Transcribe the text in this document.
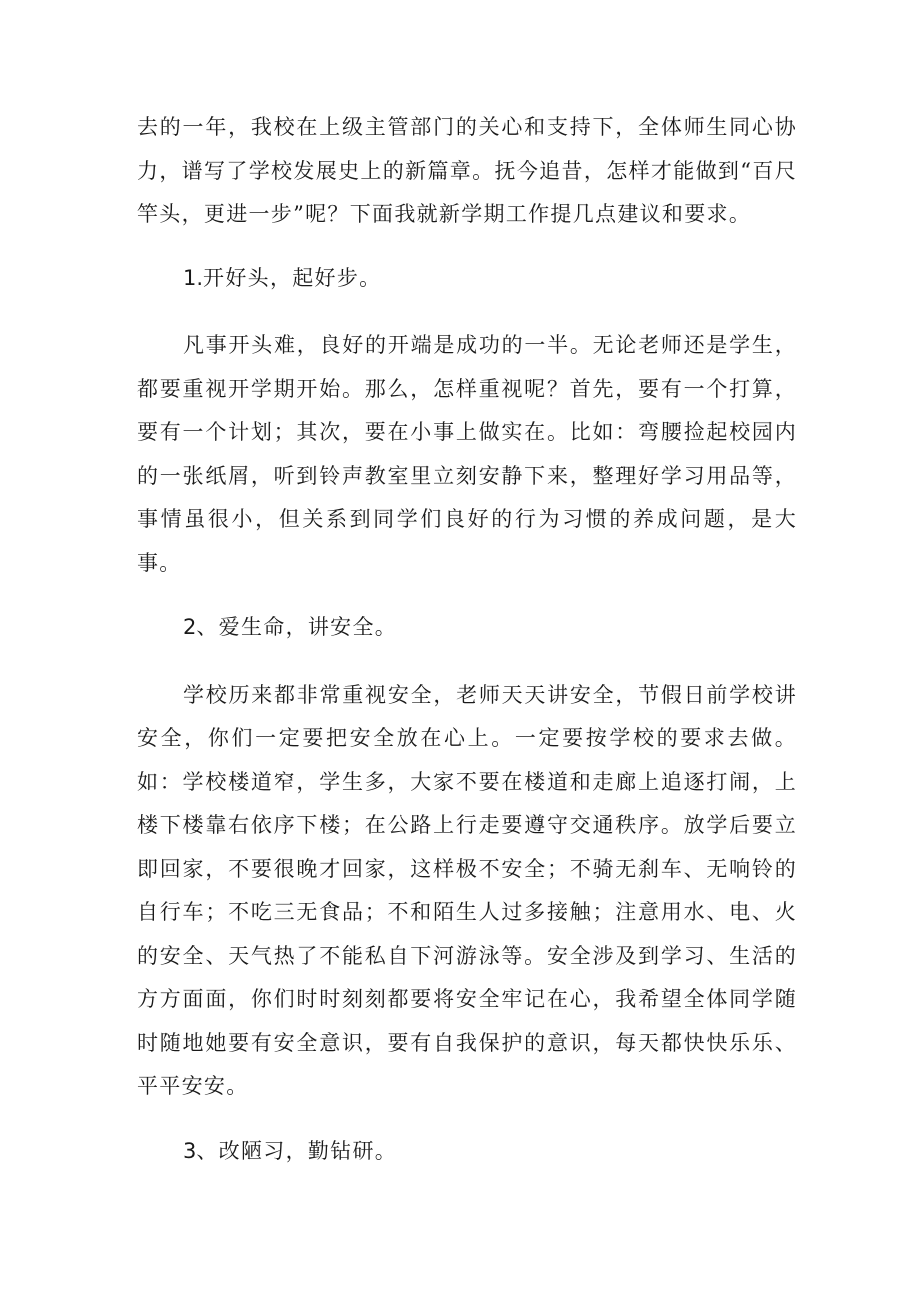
去的一年，我校在上级主管部门的关心和支持下，全体师生同心协力，谱写了学校发展史上的新篇章。抚今追昔，怎样才能做到“百尺竿头，更进一步”呢？下面我就新学期工作提几点建议和要求。

1.开好头，起好步。

凡事开头难，良好的开端是成功的一半。无论老师还是学生，都要重视开学期开始。那么，怎样重视呢？首先，要有一个打算，要有一个计划；其次，要在小事上做实在。比如：弯腰捡起校园内的一张纸屑，听到铃声教室里立刻安静下来，整理好学习用品等，事情虽很小，但关系到同学们良好的行为习惯的养成问题，是大事。

2、爱生命，讲安全。

学校历来都非常重视安全，老师天天讲安全，节假日前学校讲安全，你们一定要把安全放在心上。一定要按学校的要求去做。如：学校楼道窄，学生多，大家不要在楼道和走廊上追逐打闹，上楼下楼靠右依序下楼；在公路上行走要遵守交通秩序。放学后要立即回家，不要很晚才回家，这样极不安全；不骑无刹车、无响铃的自行车；不吃三无食品；不和陌生人过多接触；注意用水、电、火的安全、天气热了不能私自下河游泳等。安全涉及到学习、生活的方方面面，你们时时刻刻都要将安全牢记在心，我希望全体同学随时随地她要有安全意识，要有自我保护的意识，每天都快快乐乐、平平安安。

3、改陋习，勤钻研。
